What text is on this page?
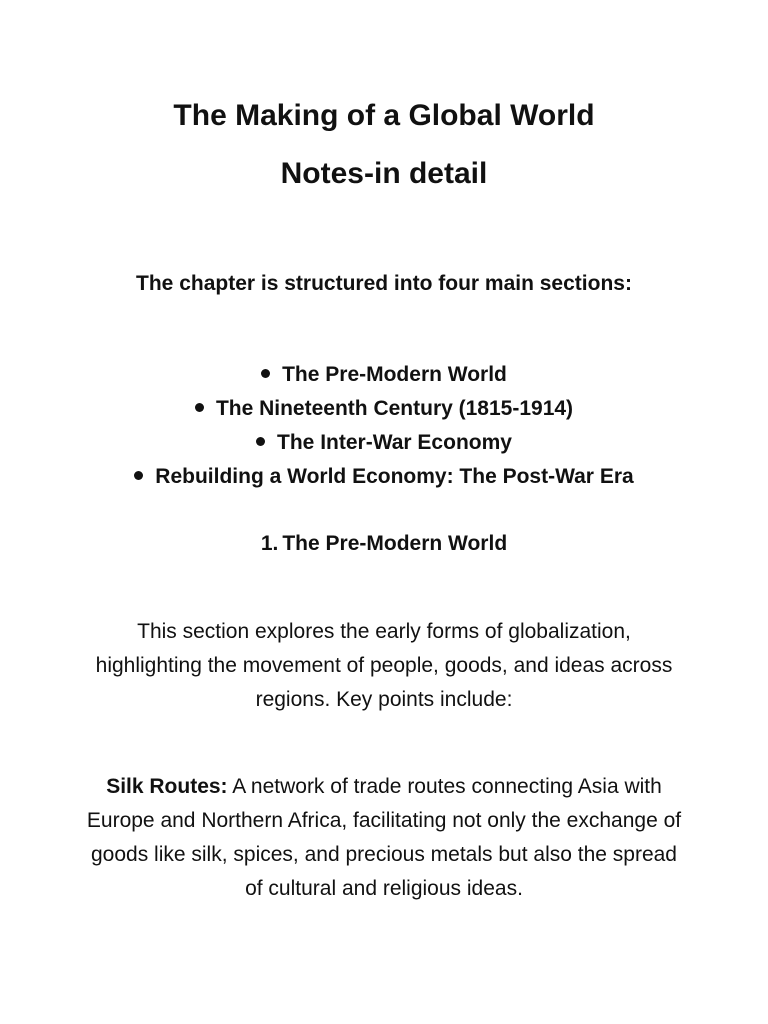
The Making of a Global World
Notes-in detail

The chapter is structured into four main sections:

The Pre-Modern World
The Nineteenth Century (1815-1914)
The Inter-War Economy
Rebuilding a World Economy: The Post-War Era
1. The Pre-Modern World

This section explores the early forms of globalization, highlighting the movement of people, goods, and ideas across regions. Key points include:

Silk Routes: A network of trade routes connecting Asia with Europe and Northern Africa, facilitating not only the exchange of goods like silk, spices, and precious metals but also the spread of cultural and religious ideas.
